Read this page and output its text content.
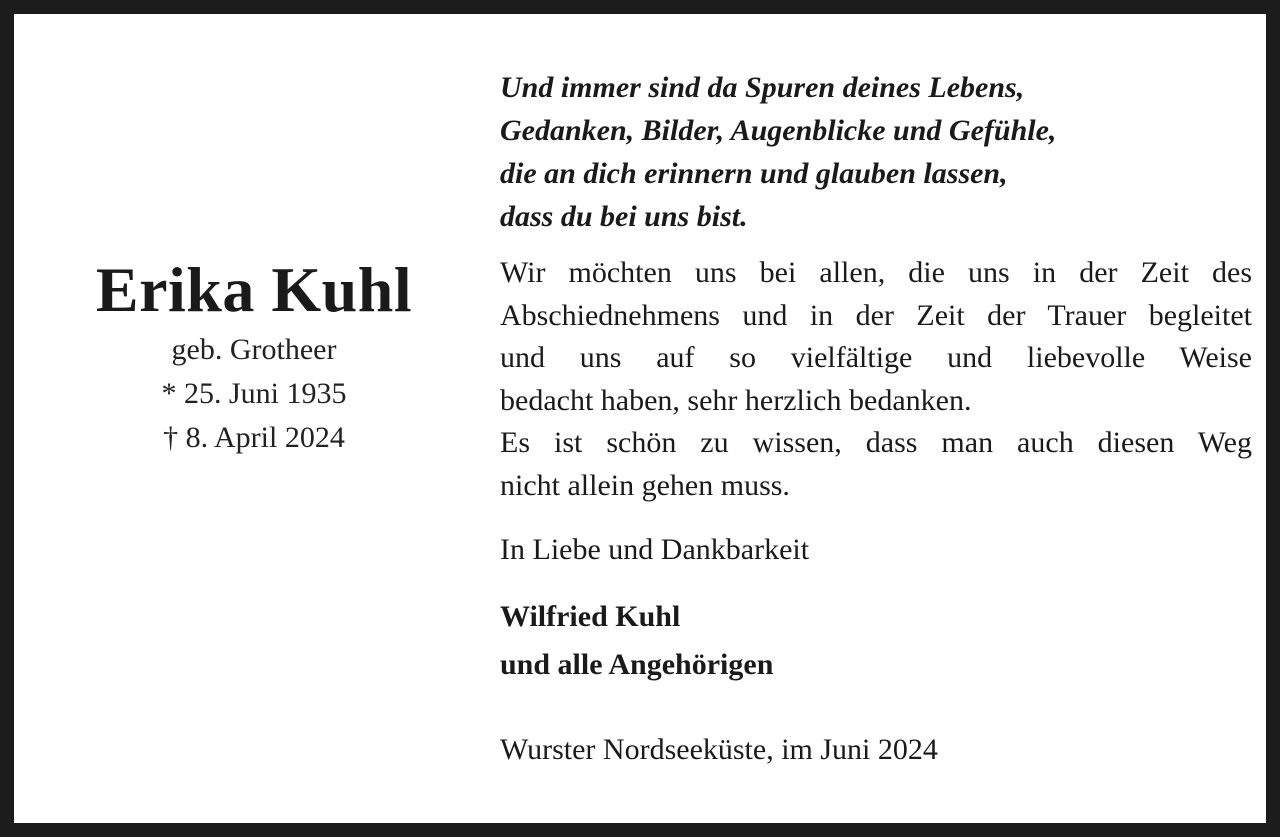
Erika Kuhl

geb. Grotheer

* 25. Juni 1935

† 8. April 2024

Und immer sind da Spuren deines Lebens,
Gedanken, Bilder, Augenblicke und Gefühle,
die an dich erinnern und glauben lassen,
dass du bei uns bist.

Wir möchten uns bei allen, die uns in der Zeit des
Abschiednehmens und in der Zeit der Trauer begleitet
und uns auf so vielfältige und liebevolle Weise
bedacht haben, sehr herzlich bedanken.
Es ist schön zu wissen, dass man auch diesen Weg
nicht allein gehen muss.

In Liebe und Dankbarkeit

Wilfried Kuhl
und alle Angehörigen

Wurster Nordseeküste, im Juni 2024
